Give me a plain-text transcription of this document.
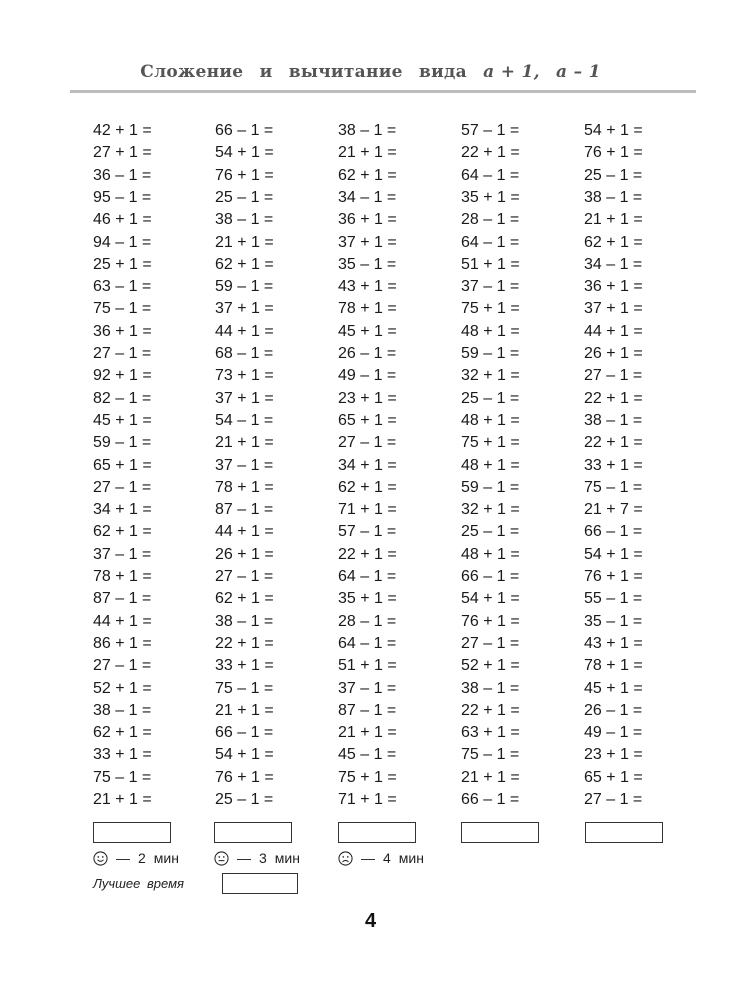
Сложение и вычитание вида а + 1, а – 1
42 + 1 =
27 + 1 =
36 – 1 =
95 – 1 =
46 + 1 =
94 – 1 =
25 + 1 =
63 – 1 =
75 – 1 =
36 + 1 =
27 – 1 =
92 + 1 =
82 – 1 =
45 + 1 =
59 – 1 =
65 + 1 =
27 – 1 =
34 + 1 =
62 + 1 =
37 – 1 =
78 + 1 =
87 – 1 =
44 + 1 =
86 + 1 =
27 – 1 =
52 + 1 =
38 – 1 =
62 + 1 =
33 + 1 =
75 – 1 =
21 + 1 =
66 – 1 =
54 + 1 =
76 + 1 =
25 – 1 =
38 – 1 =
21 + 1 =
62 + 1 =
59 – 1 =
37 + 1 =
44 + 1 =
68 – 1 =
73 + 1 =
37 + 1 =
54 – 1 =
21 + 1 =
37 – 1 =
78 + 1 =
87 – 1 =
44 + 1 =
26 + 1 =
27 – 1 =
62 + 1 =
38 – 1 =
22 + 1 =
33 + 1 =
75 – 1 =
21 + 1 =
66 – 1 =
54 + 1 =
76 + 1 =
25 – 1 =
38 – 1 =
21 + 1 =
62 + 1 =
34 – 1 =
36 + 1 =
37 + 1 =
35 – 1 =
43 + 1 =
78 + 1 =
45 + 1 =
26 – 1 =
49 – 1 =
23 + 1 =
65 + 1 =
27 – 1 =
34 + 1 =
62 + 1 =
71 + 1 =
57 – 1 =
22 + 1 =
64 – 1 =
35 + 1 =
28 – 1 =
64 – 1 =
51 + 1 =
37 – 1 =
87 – 1 =
21 + 1 =
45 – 1 =
75 + 1 =
71 + 1 =
57 – 1 =
22 + 1 =
64 – 1 =
35 + 1 =
28 – 1 =
64 – 1 =
51 + 1 =
37 – 1 =
75 + 1 =
48 + 1 =
59 – 1 =
32 + 1 =
25 – 1 =
48 + 1 =
75 + 1 =
48 + 1 =
59 – 1 =
32 + 1 =
25 – 1 =
48 + 1 =
66 – 1 =
54 + 1 =
76 + 1 =
27 – 1 =
52 + 1 =
38 – 1 =
22 + 1 =
63 + 1 =
75 – 1 =
21 + 1 =
66 – 1 =
54 + 1 =
76 + 1 =
25 – 1 =
38 – 1 =
21 + 1 =
62 + 1 =
34 – 1 =
36 + 1 =
37 + 1 =
44 + 1 =
26 + 1 =
27 – 1 =
22 + 1 =
38 – 1 =
22 + 1 =
33 + 1 =
75 – 1 =
21 + 7 =
66 – 1 =
54 + 1 =
76 + 1 =
55 – 1 =
35 – 1 =
43 + 1 =
78 + 1 =
45 + 1 =
26 – 1 =
49 – 1 =
23 + 1 =
65 + 1 =
27 – 1 =
— 2 мин	— 3 мин	— 4 мин
Лучшее время
4
